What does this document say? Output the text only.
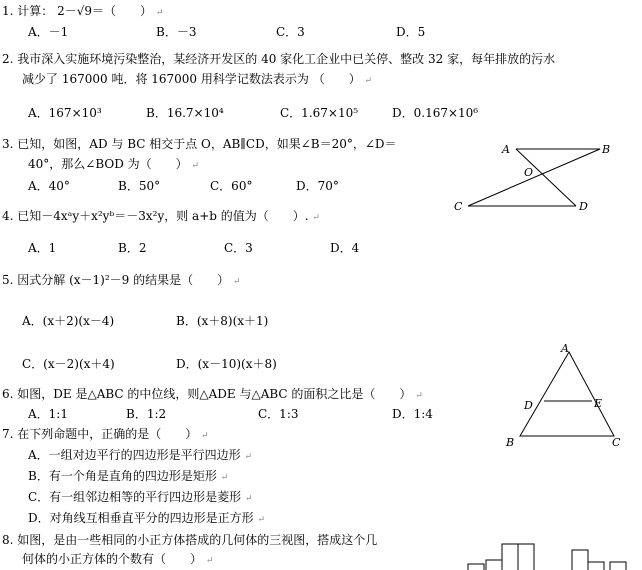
1. 计算： 2－√9＝（　　） ↵
A．－1	B．－3	C．3	D．5
2. 我市深入实施环境污染整治，某经济开发区的 40 家化工企业中已关停、整改 32 家，每年排放的污水
减少了 167000 吨．将 167000 用科学记数法表示为 （　　） ↵
A．167×10³	B．16.7×10⁴	C．1.67×10⁵	D．0.167×10⁶
3. 已知，如图，AD 与 BC 相交于点 O，AB∥CD，如果∠B＝20°，∠D＝
40°，那么∠BOD 为（　　） ↵
A．40°	B．50°	C．60°	D．70°
A	B
O
C	D
4. 已知－4xᵃy＋x²yᵇ＝－3x²y，则 a+b 的值为（　　）. ↵
A．1	B．2	C．3	D．4
5. 因式分解 (x－1)²－9 的结果是（　　） ↵
A．(x＋2)(x－4)	B．(x＋8)(x＋1)
C．(x－2)(x＋4)	D．(x－10)(x＋8)
A
D	E
B	C
6. 如图，DE 是△ABC 的中位线，则△ADE 与△ABC 的面积之比是（　　） ↵
A．1:1	B．1:2	C．1:3	D．1:4
7. 在下列命题中，正确的是（　　） ↵
A．一组对边平行的四边形是平行四边形 ↵
B．有一个角是直角的四边形是矩形 ↵
C．有一组邻边相等的平行四边形是菱形 ↵
D．对角线互相垂直平分的四边形是正方形 ↵
8. 如图，是由一些相同的小正方体搭成的几何体的三视图，搭成这个几
何体的小正方体的个数有（　　） ↵
